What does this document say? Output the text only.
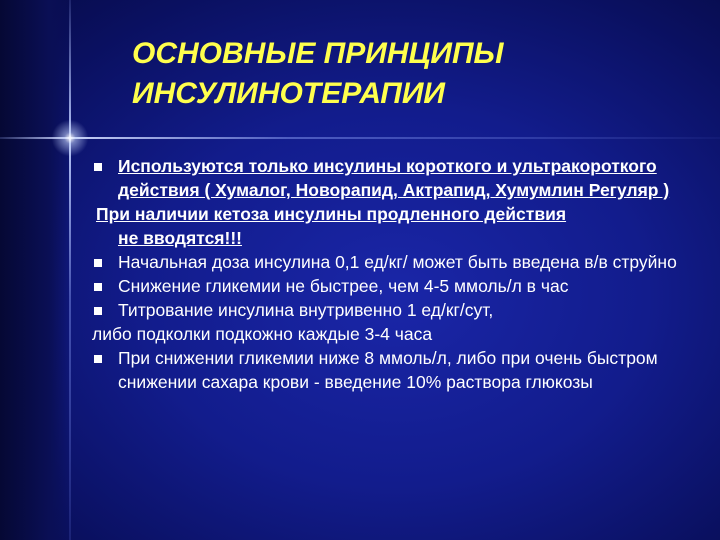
ОСНОВНЫЕ ПРИНЦИПЫ
ИНСУЛИНОТЕРАПИИ
Используются только инсулины короткого и ультракороткого действия ( Хумалог, Новорапид, Актрапид, Хумумлин Регуляр )
При наличии кетоза инсулины продленного действия
не вводятся!!!
Начальная доза инсулина 0,1 ед/кг/ может быть введена в/в струйно
Снижение гликемии не быстрее, чем 4-5 ммоль/л в час
Титрование инсулина внутривенно 1 ед/кг/сут,
либо подколки подкожно каждые 3-4 часа
При снижении гликемии ниже 8 ммоль/л, либо при очень быстром снижении сахара крови - введение 10% раствора глюкозы
